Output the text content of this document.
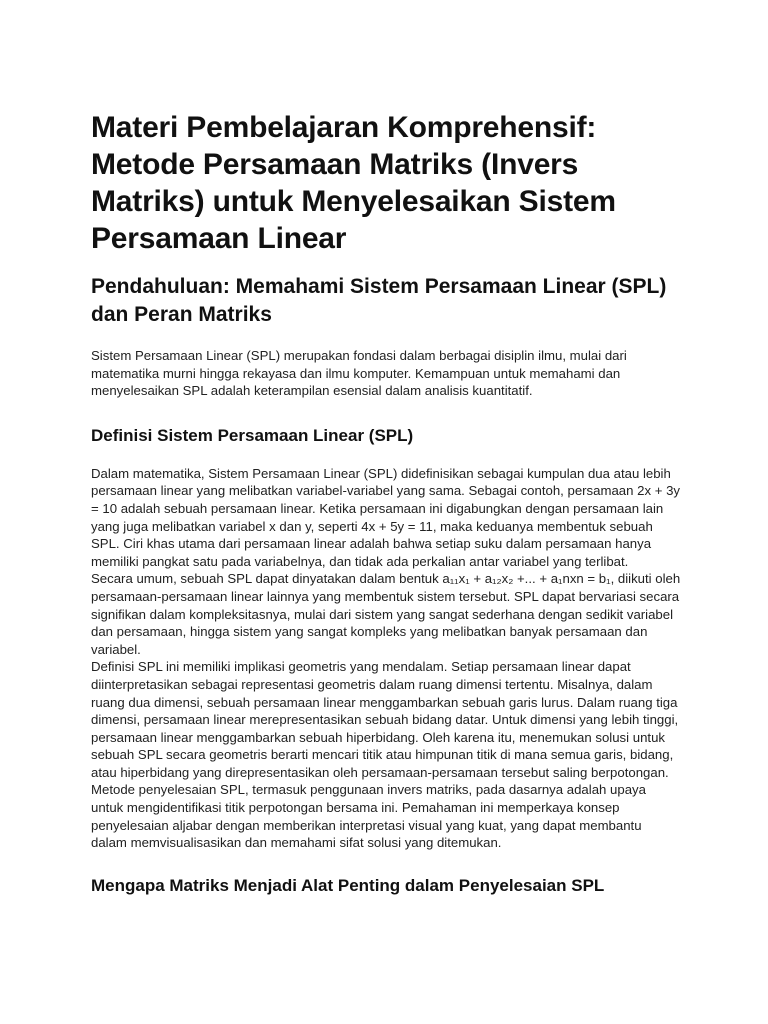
Materi Pembelajaran Komprehensif: Metode Persamaan Matriks (Invers Matriks) untuk Menyelesaikan Sistem Persamaan Linear
Pendahuluan: Memahami Sistem Persamaan Linear (SPL) dan Peran Matriks

Sistem Persamaan Linear (SPL) merupakan fondasi dalam berbagai disiplin ilmu, mulai dari matematika murni hingga rekayasa dan ilmu komputer. Kemampuan untuk memahami dan menyelesaikan SPL adalah keterampilan esensial dalam analisis kuantitatif.

Definisi Sistem Persamaan Linear (SPL)

Dalam matematika, Sistem Persamaan Linear (SPL) didefinisikan sebagai kumpulan dua atau lebih persamaan linear yang melibatkan variabel-variabel yang sama. Sebagai contoh, persamaan 2x + 3y = 10 adalah sebuah persamaan linear. Ketika persamaan ini digabungkan dengan persamaan lain yang juga melibatkan variabel x dan y, seperti 4x + 5y = 11, maka keduanya membentuk sebuah SPL. Ciri khas utama dari persamaan linear adalah bahwa setiap suku dalam persamaan hanya memiliki pangkat satu pada variabelnya, dan tidak ada perkalian antar variabel yang terlibat.

Secara umum, sebuah SPL dapat dinyatakan dalam bentuk a₁₁x₁ + a₁₂x₂ +... + a₁nxn = b₁, diikuti oleh persamaan-persamaan linear lainnya yang membentuk sistem tersebut. SPL dapat bervariasi secara signifikan dalam kompleksitasnya, mulai dari sistem yang sangat sederhana dengan sedikit variabel dan persamaan, hingga sistem yang sangat kompleks yang melibatkan banyak persamaan dan variabel.

Definisi SPL ini memiliki implikasi geometris yang mendalam. Setiap persamaan linear dapat diinterpretasikan sebagai representasi geometris dalam ruang dimensi tertentu. Misalnya, dalam ruang dua dimensi, sebuah persamaan linear menggambarkan sebuah garis lurus. Dalam ruang tiga dimensi, persamaan linear merepresentasikan sebuah bidang datar. Untuk dimensi yang lebih tinggi, persamaan linear menggambarkan sebuah hiperbidang. Oleh karena itu, menemukan solusi untuk sebuah SPL secara geometris berarti mencari titik atau himpunan titik di mana semua garis, bidang, atau hiperbidang yang direpresentasikan oleh persamaan-persamaan tersebut saling berpotongan. Metode penyelesaian SPL, termasuk penggunaan invers matriks, pada dasarnya adalah upaya untuk mengidentifikasi titik perpotongan bersama ini. Pemahaman ini memperkaya konsep penyelesaian aljabar dengan memberikan interpretasi visual yang kuat, yang dapat membantu dalam memvisualisasikan dan memahami sifat solusi yang ditemukan.

Mengapa Matriks Menjadi Alat Penting dalam Penyelesaian SPL
